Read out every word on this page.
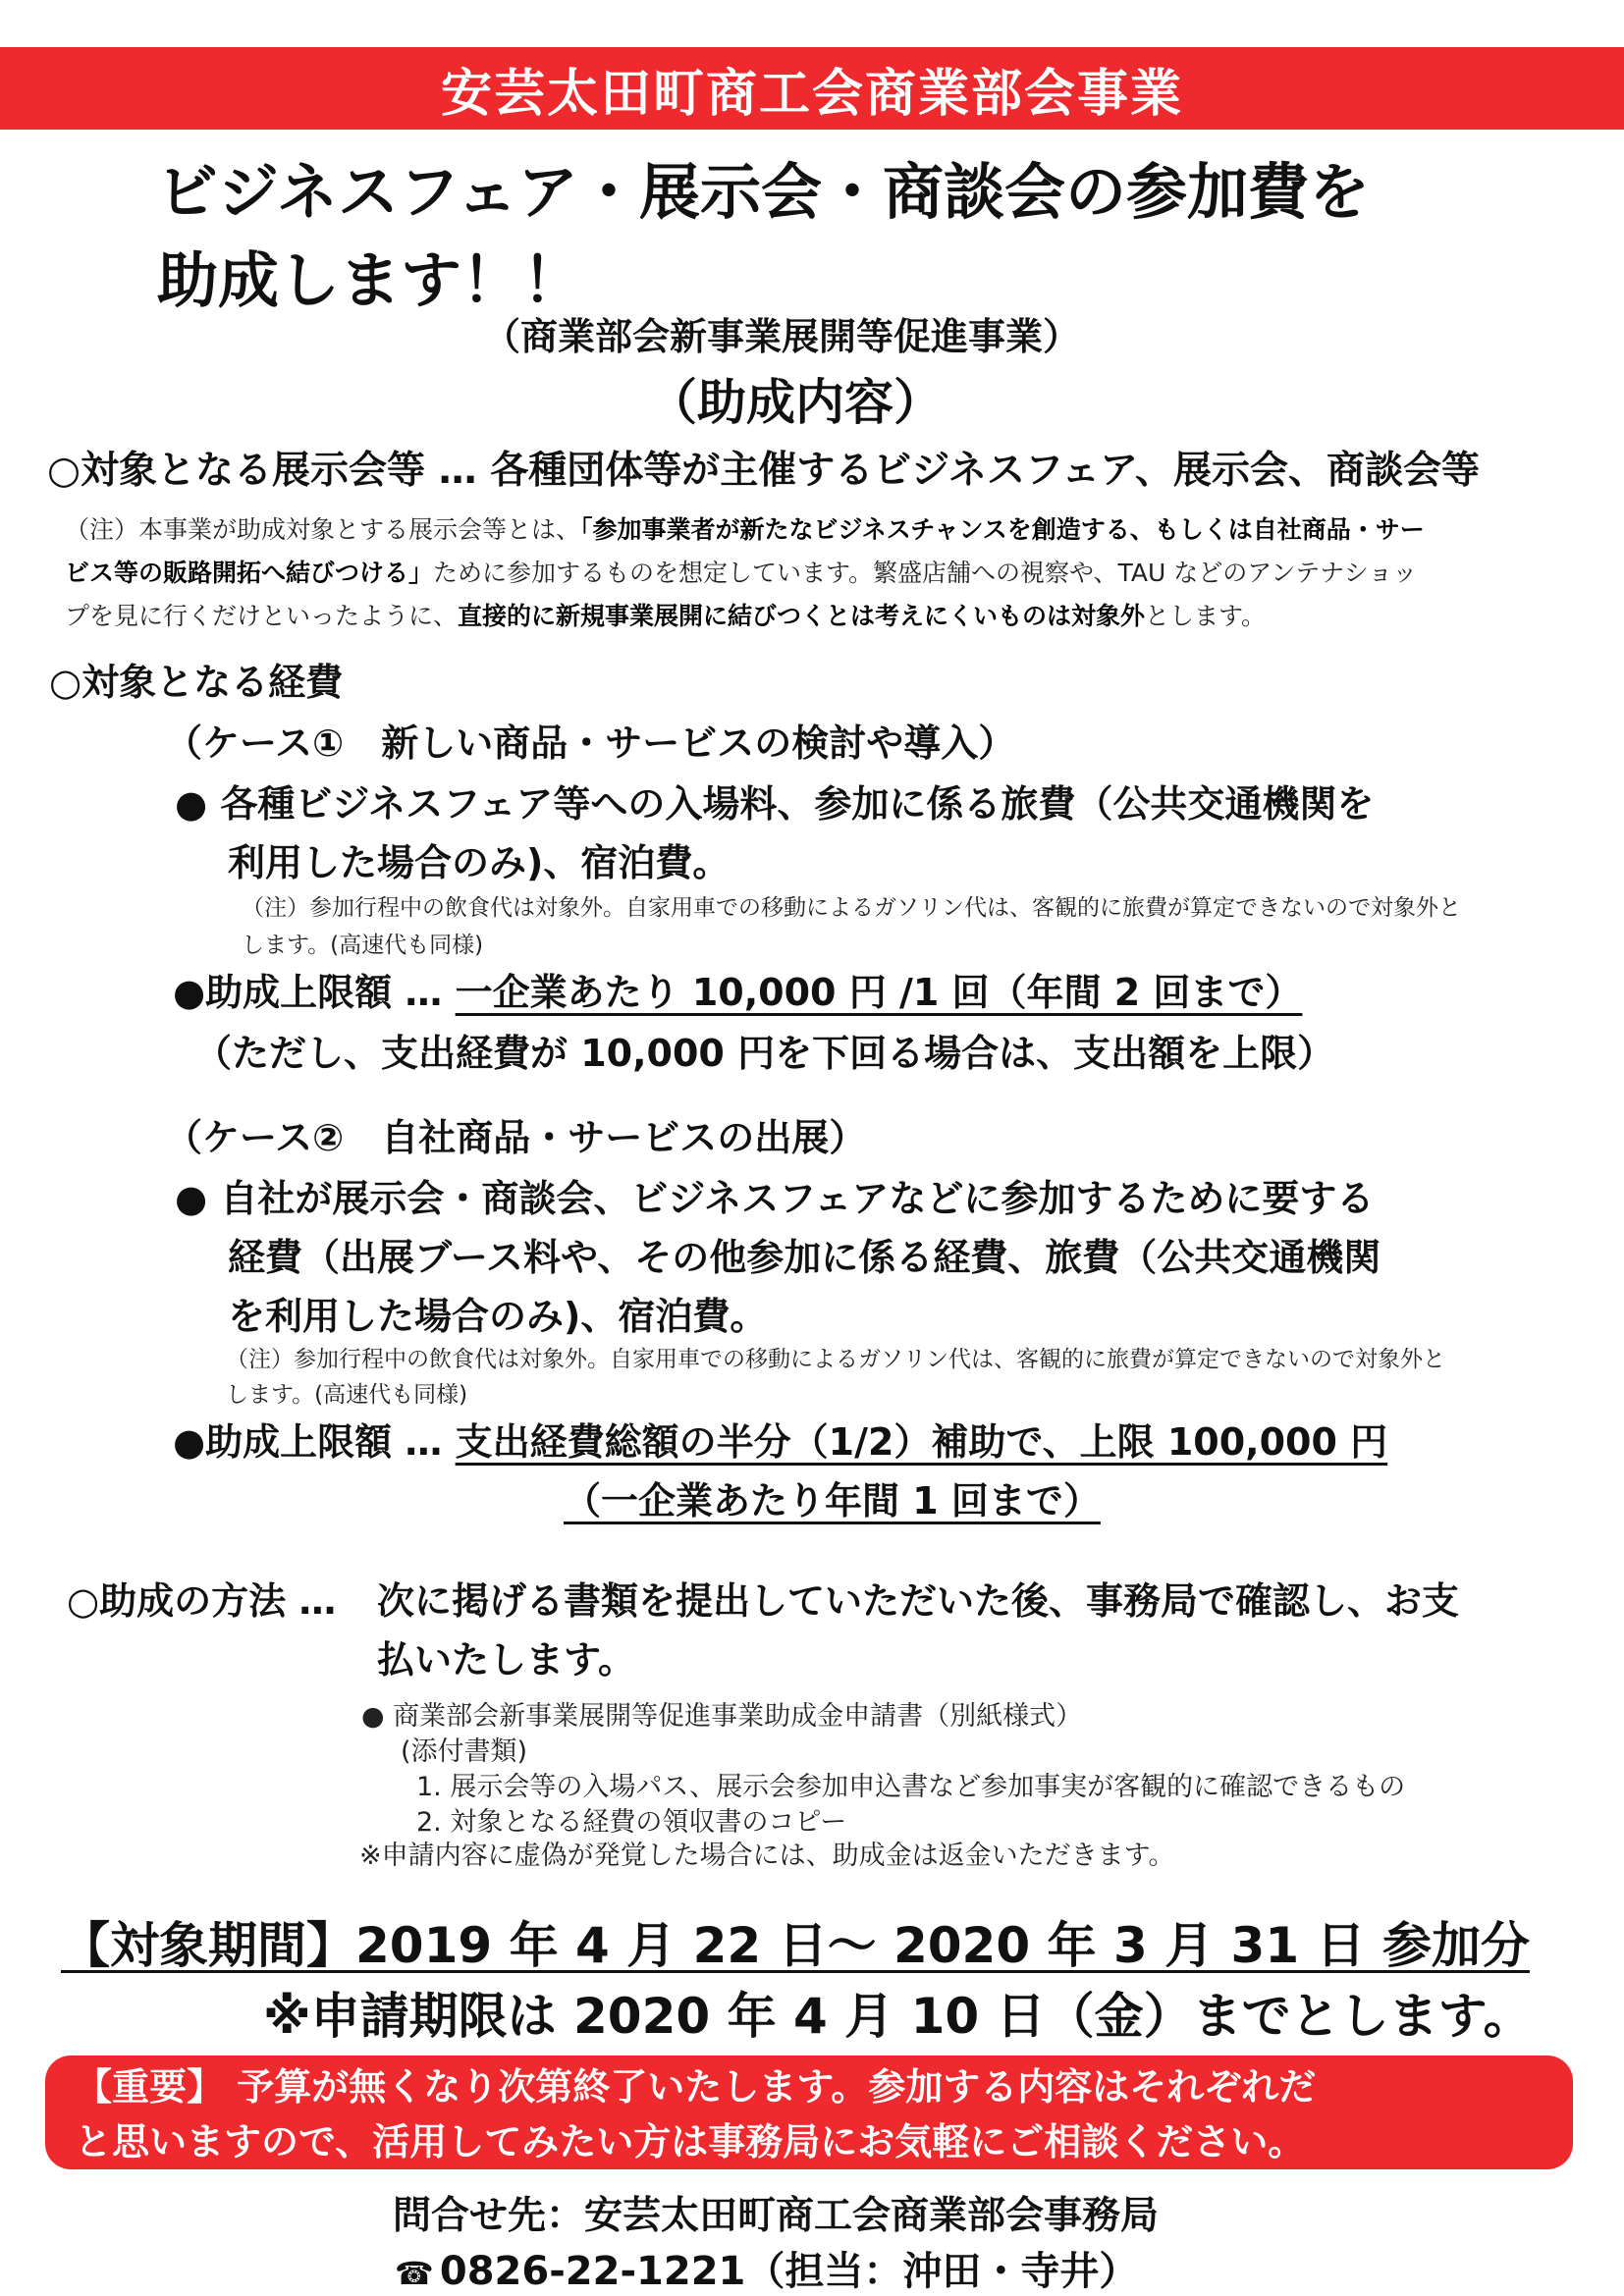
安芸太田町商工会商業部会事業
ビジネスフェア・展示会・商談会の参加費を
助成します！！
（商業部会新事業展開等促進事業）
（助成内容）
○対象となる展示会等 … 各種団体等が主催するビジネスフェア、展示会、商談会等
（注）本事業が助成対象とする展示会等とは、「参加事業者が新たなビジネスチャンスを創造する、もしくは自社商品・サー
ビス等の販路開拓へ結びつける」ために参加するものを想定しています。繁盛店舗への視察や、TAU などのアンテナショッ
プを見に行くだけといったように、直接的に新規事業展開に結びつくとは考えにくいものは対象外とします。
○対象となる経費
（ケース①　新しい商品・サービスの検討や導入）
● 各種ビジネスフェア等への入場料、参加に係る旅費（公共交通機関を
利用した場合のみ)、宿泊費。
（注）参加行程中の飲食代は対象外。自家用車での移動によるガソリン代は、客観的に旅費が算定できないので対象外と
します。(高速代も同様)
●助成上限額 … 一企業あたり 10,000 円 /1 回（年間 2 回まで）
（ただし、支出経費が 10,000 円を下回る場合は、支出額を上限）
（ケース②　自社商品・サービスの出展）
● 自社が展示会・商談会、ビジネスフェアなどに参加するために要する
経費（出展ブース料や、その他参加に係る経費、旅費（公共交通機関
を利用した場合のみ)、宿泊費。
（注）参加行程中の飲食代は対象外。自家用車での移動によるガソリン代は、客観的に旅費が算定できないので対象外と
します。(高速代も同様)
●助成上限額 … 支出経費総額の半分（1/2）補助で、上限 100,000 円
（一企業あたり年間 1 回まで）
○助成の方法 … 次に掲げる書類を提出していただいた後、事務局で確認し、お支
払いたします。
● 商業部会新事業展開等促進事業助成金申請書（別紙様式）
(添付書類)
1. 展示会等の入場パス、展示会参加申込書など参加事実が客観的に確認できるもの
2. 対象となる経費の領収書のコピー
※申請内容に虚偽が発覚した場合には、助成金は返金いただきます。
【対象期間】2019 年 4 月 22 日～ 2020 年 3 月 31 日 参加分
※申請期限は 2020 年 4 月 10 日（金）までとします。
【重要】 予算が無くなり次第終了いたします。参加する内容はそれぞれだ
と思いますので、活用してみたい方は事務局にお気軽にご相談ください。
問合せ先：安芸太田町商工会商業部会事務局
☎ 0826-22-1221（担当：沖田・寺井）
